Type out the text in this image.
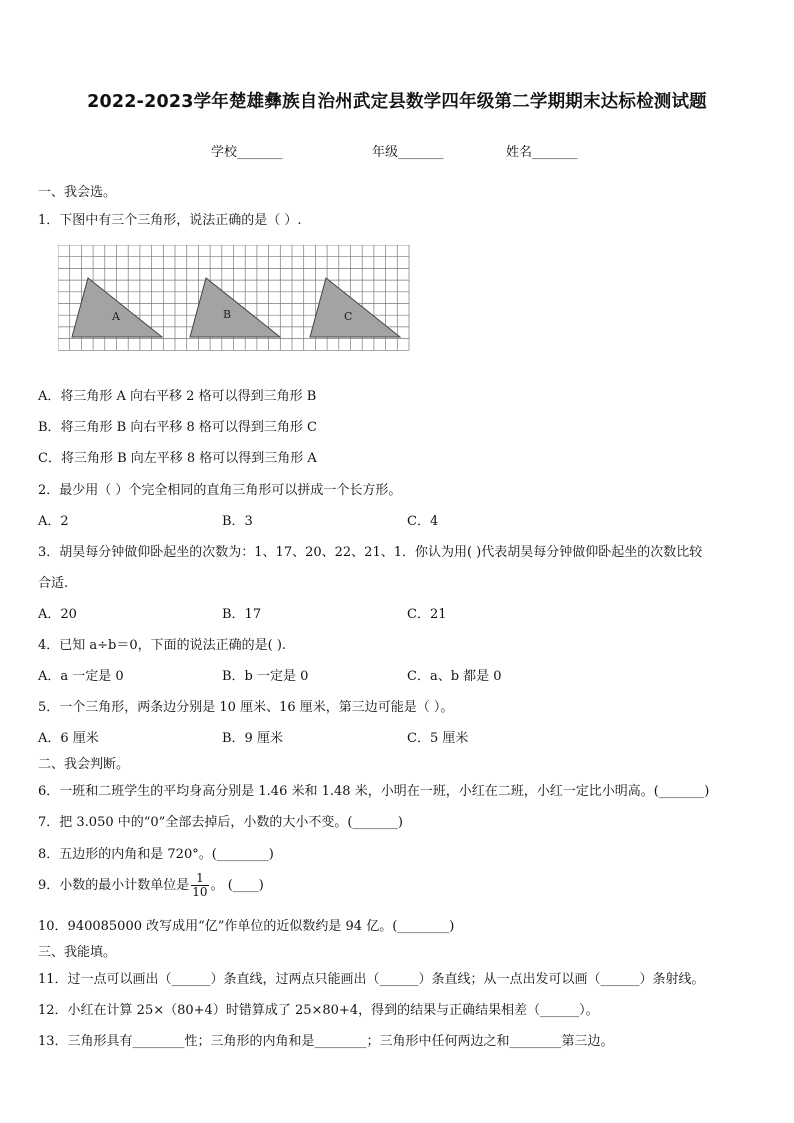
2022-2023学年楚雄彝族自治州武定县数学四年级第二学期期末达标检测试题
学校_______	年级_______	姓名_______
一、我会选。
1．下图中有三个三角形，说法正确的是（ ）.
A	B	C
A．将三角形 A 向右平移 2 格可以得到三角形 B
B．将三角形 B 向右平移 8 格可以得到三角形 C
C．将三角形 B 向左平移 8 格可以得到三角形 A
2．最少用（ ）个完全相同的直角三角形可以拼成一个长方形。
A．2	B．3	C．4
3．胡昊每分钟做仰卧起坐的次数为：1、17、20、22、21、1．你认为用( )代表胡昊每分钟做仰卧起坐的次数比较
合适.
A．20	B．17	C．21
4．已知 a÷b＝0，下面的说法正确的是( ).
A．a 一定是 0	B．b 一定是 0	C．a、b 都是 0
5．一个三角形，两条边分别是 10 厘米、16 厘米，第三边可能是（ ）。
A．6 厘米	B．9 厘米	C．5 厘米
二、我会判断。
6．一班和二班学生的平均身高分别是 1.46 米和 1.48 米，小明在一班，小红在二班，小红一定比小明高。(_______)
7．把 3.050 中的“0”全部去掉后，小数的大小不变。(_______)
8．五边形的内角和是 720°。(________)
9．小数的最小计数单位是 $\frac{1}{10}$ 。 (____)
10．940085000 改写成用“亿”作单位的近似数约是 94 亿。(________)
三、我能填。
11．过一点可以画出（______）条直线，过两点只能画出（______）条直线；从一点出发可以画（______）条射线。
12．小红在计算 25×（80+4）时错算成了 25×80+4，得到的结果与正确结果相差（______）。
13．三角形具有________性；三角形的内角和是________；三角形中任何两边之和________第三边。
